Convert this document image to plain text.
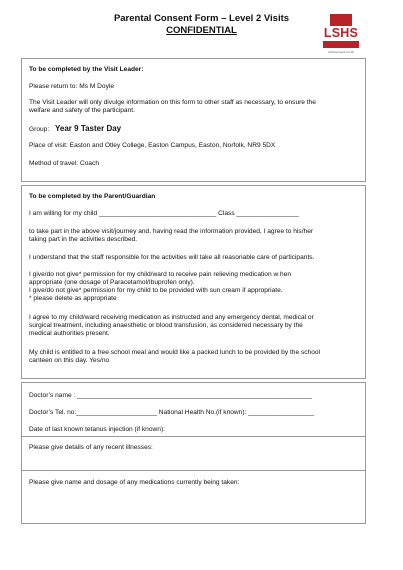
Parental Consent Form – Level 2 Visits
CONFIDENTIAL	LSHS
Achievement for All
To be completed by the Visit Leader:
Please return to: Ms M Doyle
The Visit Leader will only divulge information on this form to other staff as necessary, to ensure the
welfare and safety of the participant.
Group: Year 9 Taster Day
Place of visit: Easton and Otley College, Easton Campus, Easton, Norfolk, NR9 5DX
Method of travel: Coach
To be completed by the Parent/Guardian
I am willing for my child ________________________________ Class _________________
to take part in the above visit/journey and, having read the information provided, I agree to his/her
taking part in the activities described.
I understand that the staff responsible for the activities will take all reasonable care of participants.
I give/do not give* permission for my child/ward to receive pain relieving medication w hen
appropriate (one dosage of Paracetamol/Ibuprofen only).
I give/do not give* permission for my child to be provided with sun cream if appropriate.
* please delete as appropriate
I agree to my child/ward receiving medication as instructed and any emergency dental, medical or
surgical treatment, including anaesthetic or blood transfusion, as considered necessary by the
medical authorities present.
My child is entitled to a free school meal and would like a packed lunch to be provided by the school
canteen on this day. Yes/no
Doctor’s name : ________________________________________________________________
Doctor’s Tel. no:______________________ National Health No.(if known): __________________
Date of last known tetanus injection (if known):
Please give details of any recent illnesses:
Please give name and dosage of any medications currently being taken:
